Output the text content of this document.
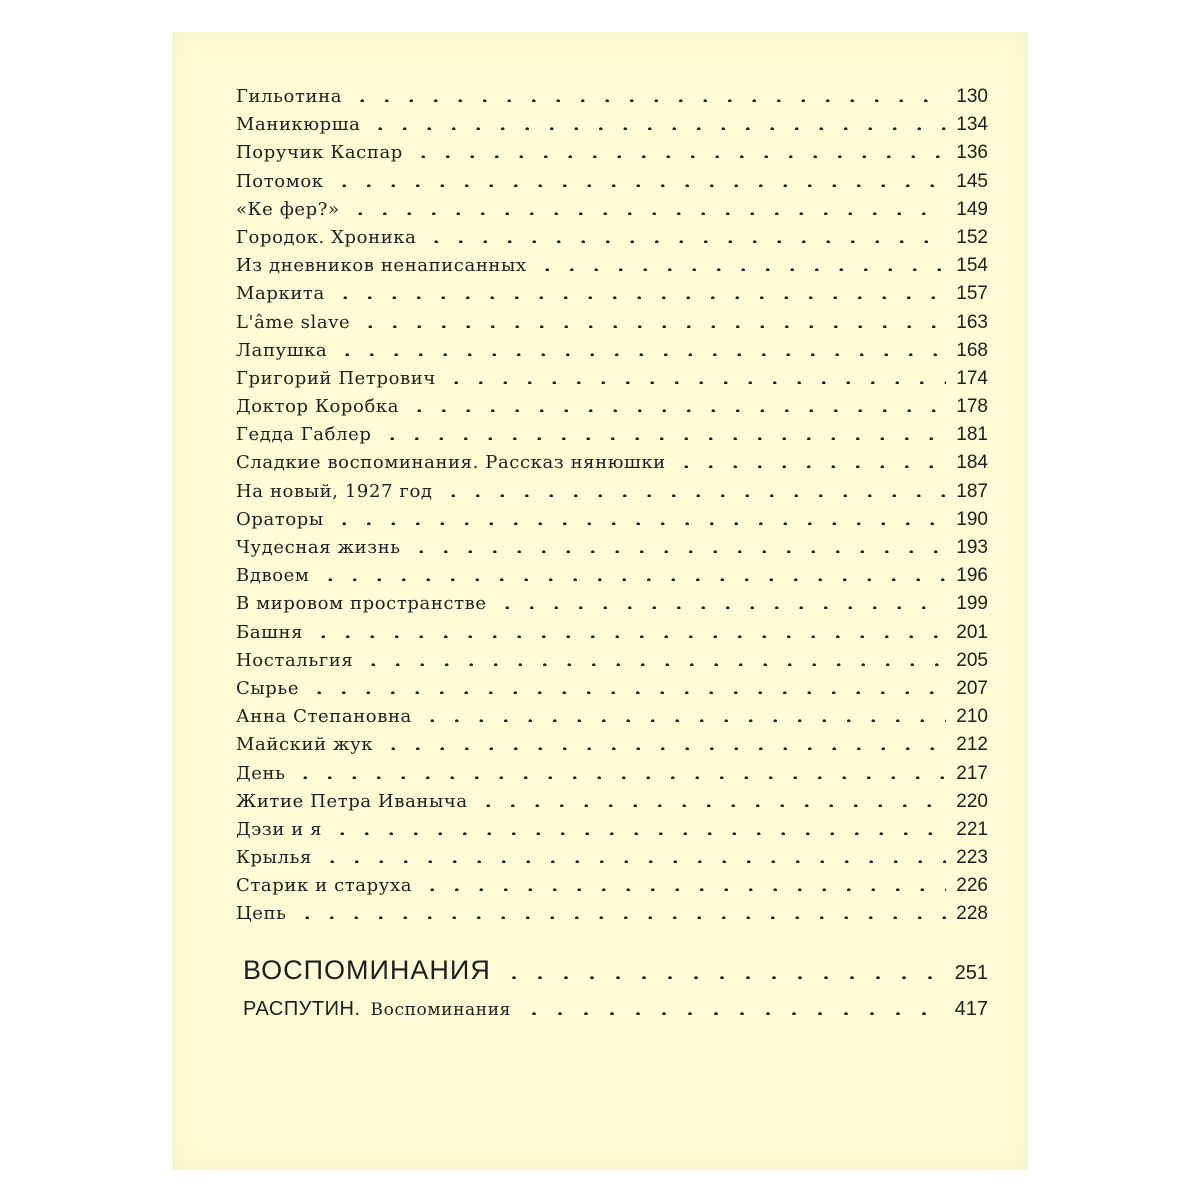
Гильотина	130
Маникюрша	134
Поручик Каспар	136
Потомок	145
«Ке фер?»	149
Городок. Хроника	152
Из дневников ненаписанных	154
Маркита	157
L'âme slave	163
Лапушка	168
Григорий Петрович	174
Доктор Коробка	178
Гедда Габлер	181
Сладкие воспоминания. Рассказ нянюшки	184
На новый, 1927 год	187
Ораторы	190
Чудесная жизнь	193
Вдвоем	196
В мировом пространстве	199
Башня	201
Ностальгия	205
Сырье	207
Анна Степановна	210
Майский жук	212
День	217
Житие Петра Иваныча	220
Дэзи и я	221
Крылья	223
Старик и старуха	226
Цепь	228
ВОСПОМИНАНИЯ	251
РАСПУТИН. Воспоминания	417
